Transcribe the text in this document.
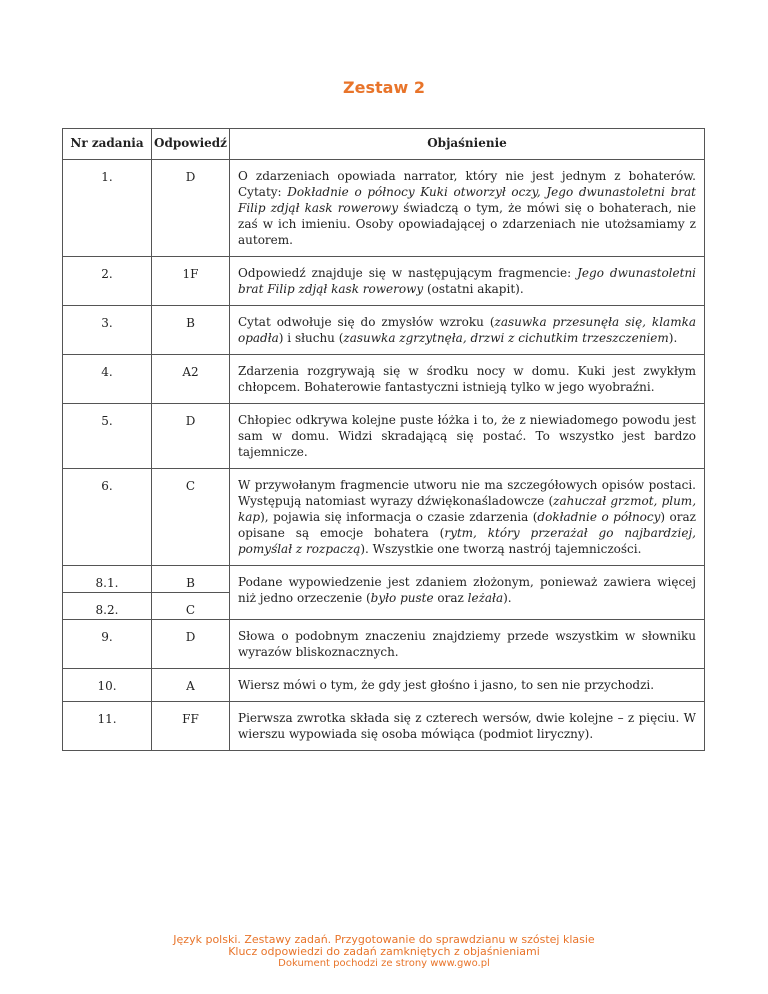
Zestaw 2
Nr zadania	Odpowiedź	Objaśnienie
1.	D	O zdarzeniach opowiada narrator, który nie jest jednym z bohaterów. Cytaty: Dokładnie o północy Kuki otworzył oczy, Jego dwunastoletni brat Filip zdjął kask rowerowy świadczą o tym, że mówi się o bohaterach, nie zaś w ich imieniu. Osoby opowiadającej o zdarzeniach nie utożsamiamy z autorem.
2.	1F	Odpowiedź znajduje się w następującym fragmencie: Jego dwunastoletni brat Filip zdjął kask rowerowy (ostatni akapit).
3.	B	Cytat odwołuje się do zmysłów wzroku (zasuwka przesunęła się, klamka opadła) i słuchu (zasuwka zgrzytnęła, drzwi z cichutkim trzeszczeniem).
4.	A2	Zdarzenia rozgrywają się w środku nocy w domu. Kuki jest zwykłym chłopcem. Bohaterowie fantastyczni istnieją tylko w jego wyobraźni.
5.	D	Chłopiec odkrywa kolejne puste łóżka i to, że z niewiadomego powodu jest sam w domu. Widzi skradającą się postać. To wszystko jest bardzo tajemnicze.
6.	C	W przywołanym fragmencie utworu nie ma szczegółowych opisów postaci. Występują natomiast wyrazy dźwiękonaśladowcze (zahuczał grzmot, plum, kap), pojawia się informacja o czasie zdarzenia (dokładnie o północy) oraz opisane są emocje bohatera (rytm, który przerażał go najbardziej, pomyślał z rozpaczą). Wszystkie one tworzą nastrój tajemniczości.
8.1.	B	Podane wypowiedzenie jest zdaniem złożonym, ponieważ zawiera więcej niż jedno orzeczenie (było puste oraz leżała).
8.2.	C	
9.	D	Słowa o podobnym znaczeniu znajdziemy przede wszystkim w słowniku wyrazów bliskoznacznych.
10.	A	Wiersz mówi o tym, że gdy jest głośno i jasno, to sen nie przychodzi.
11.	FF	Pierwsza zwrotka składa się z czterech wersów, dwie kolejne – z pięciu. W wierszu wypowiada się osoba mówiąca (podmiot liryczny).
Język polski. Zestawy zadań. Przygotowanie do sprawdzianu w szóstej klasie
Klucz odpowiedzi do zadań zamkniętych z objaśnieniami
Dokument pochodzi ze strony www.gwo.pl
